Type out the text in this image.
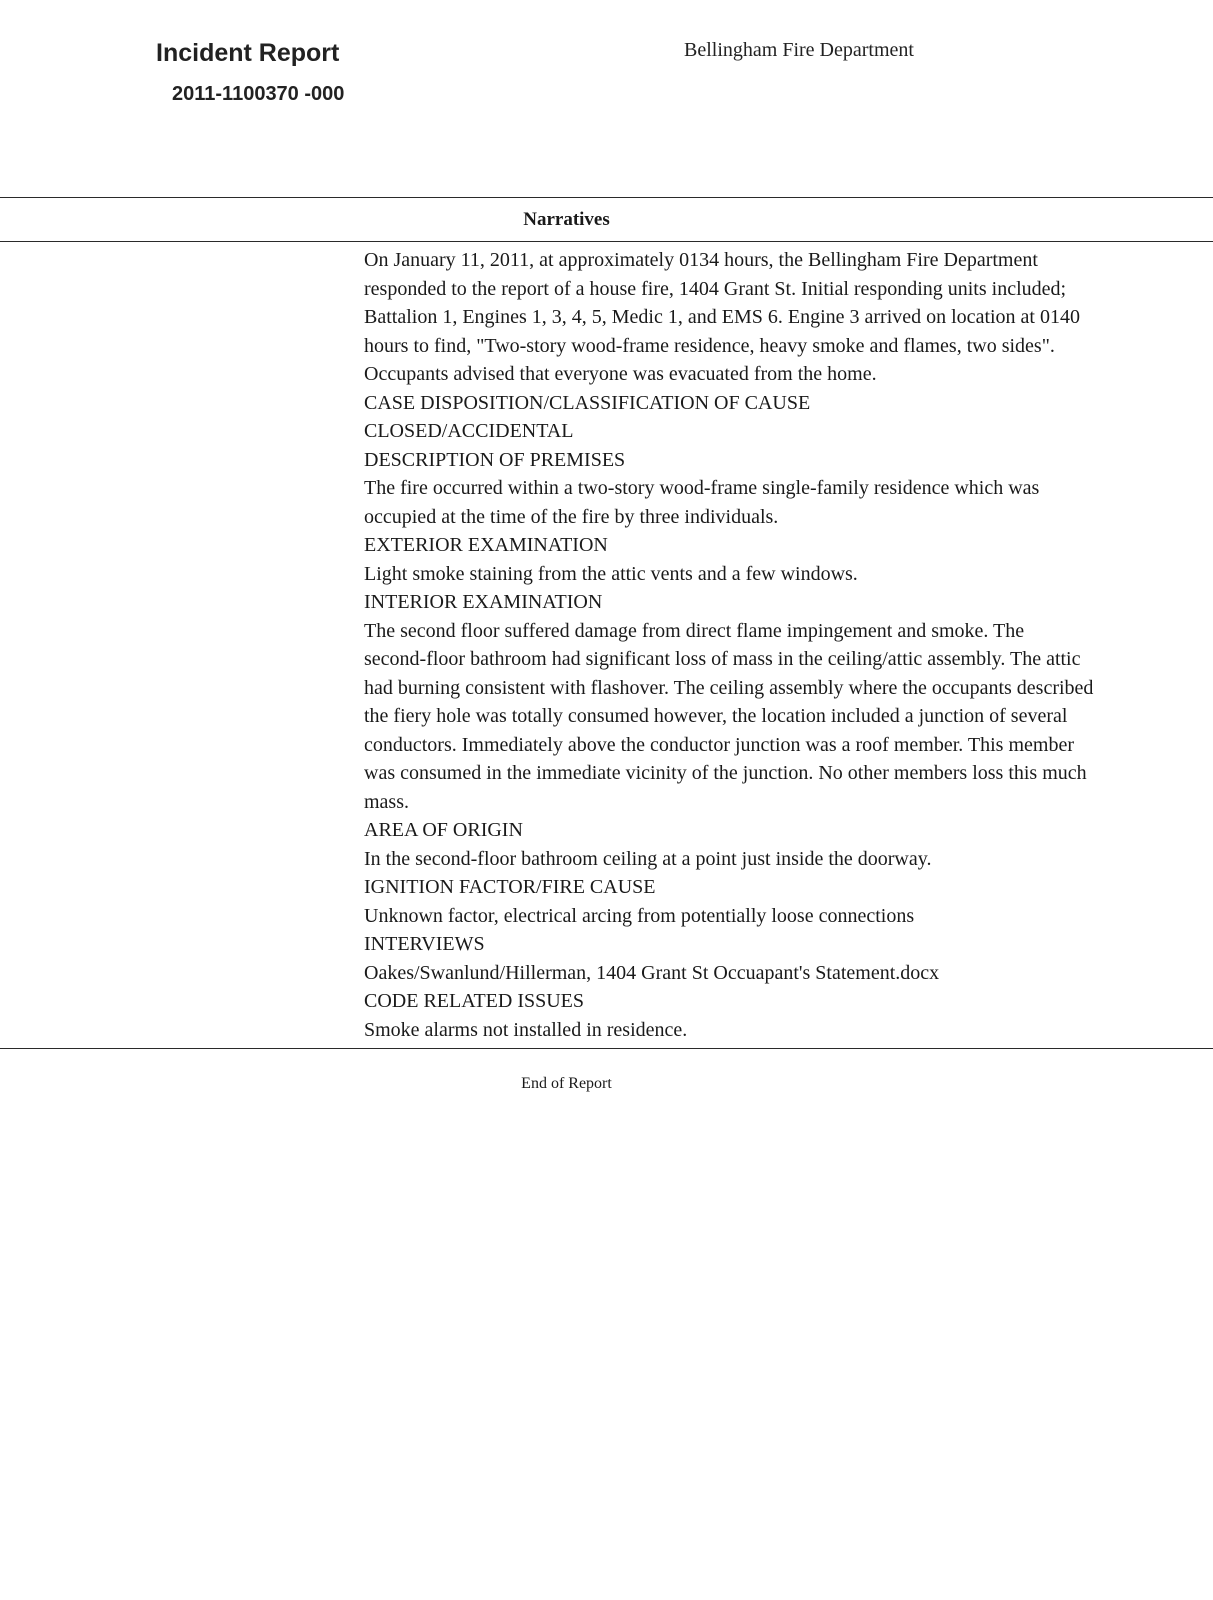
Incident Report
2011-1100370 -000
Bellingham Fire Department
Narratives
On January 11, 2011, at approximately 0134 hours, the Bellingham Fire Department
responded to the report of a house fire, 1404 Grant St. Initial responding units included;
Battalion 1, Engines 1, 3, 4, 5, Medic 1, and EMS 6. Engine 3 arrived on location at 0140
hours to find, "Two-story wood-frame residence, heavy smoke and flames, two sides".
Occupants advised that everyone was evacuated from the home.
CASE DISPOSITION/CLASSIFICATION OF CAUSE
CLOSED/ACCIDENTAL
DESCRIPTION OF PREMISES
The fire occurred within a two-story wood-frame single-family residence which was
occupied at the time of the fire by three individuals.
EXTERIOR EXAMINATION
Light smoke staining from the attic vents and a few windows.
INTERIOR EXAMINATION
The second floor suffered damage from direct flame impingement and smoke. The
second-floor bathroom had significant loss of mass in the ceiling/attic assembly. The attic
had burning consistent with flashover. The ceiling assembly where the occupants described
the fiery hole was totally consumed however, the location included a junction of several
conductors. Immediately above the conductor junction was a roof member. This member
was consumed in the immediate vicinity of the junction. No other members loss this much
mass.
AREA OF ORIGIN
In the second-floor bathroom ceiling at a point just inside the doorway.
IGNITION FACTOR/FIRE CAUSE
Unknown factor, electrical arcing from potentially loose connections
INTERVIEWS
Oakes/Swanlund/Hillerman, 1404 Grant St Occuapant's Statement.docx
CODE RELATED ISSUES
Smoke alarms not installed in residence.
End of Report
